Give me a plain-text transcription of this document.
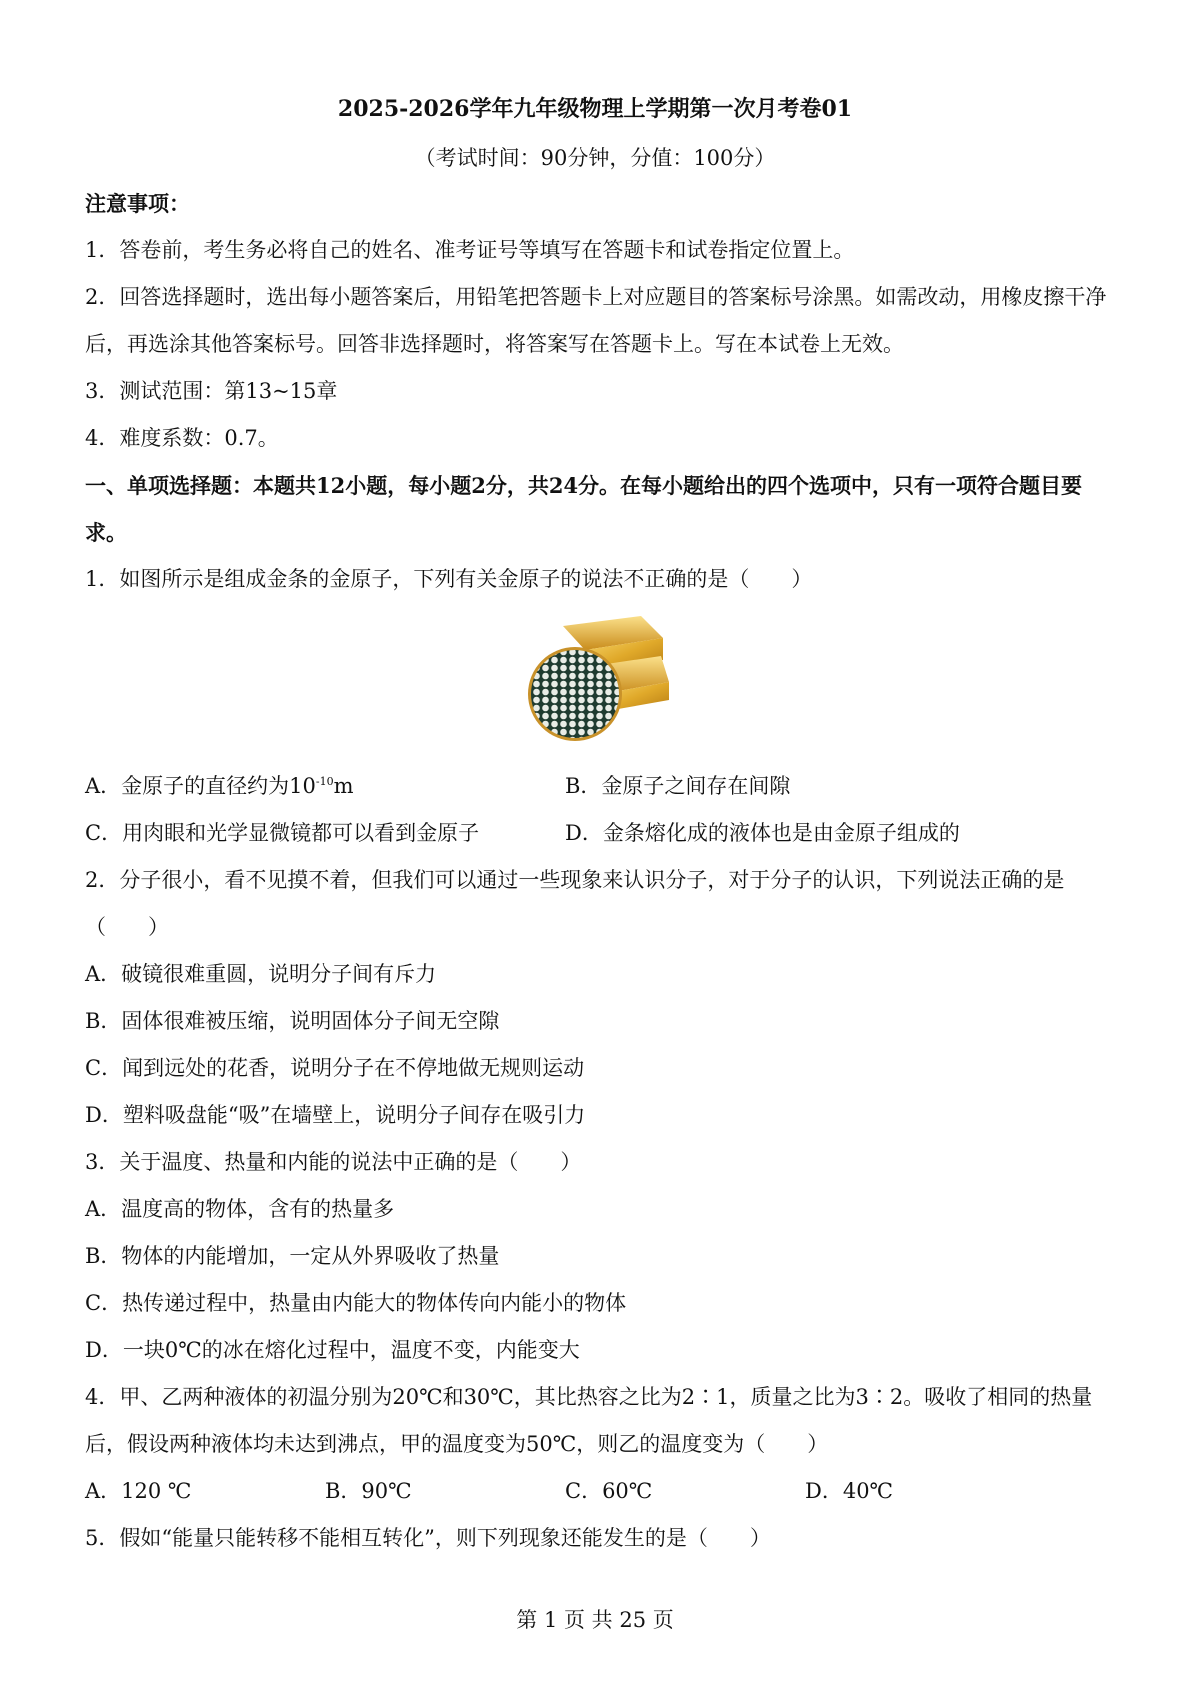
2025-2026学年九年级物理上学期第一次月考卷01
（考试时间：90分钟，分值：100分）
注意事项：
1．答卷前，考生务必将自己的姓名、准考证号等填写在答题卡和试卷指定位置上。
2．回答选择题时，选出每小题答案后，用铅笔把答题卡上对应题目的答案标号涂黑。如需改动，用橡皮擦干净后，再选涂其他答案标号。回答非选择题时，将答案写在答题卡上。写在本试卷上无效。
3．测试范围：第13~15章
4．难度系数：0.7。
一、单项选择题：本题共12小题，每小题2分，共24分。在每小题给出的四个选项中，只有一项符合题目要求。
1．如图所示是组成金条的金原子，下列有关金原子的说法不正确的是（　　）
A．金原子的直径约为$10^{-10}m$	B．金原子之间存在间隙
C．用肉眼和光学显微镜都可以看到金原子	D．金条熔化成的液体也是由金原子组成的
2．分子很小，看不见摸不着，但我们可以通过一些现象来认识分子，对于分子的认识，下列说法正确的是（　　）
A．破镜很难重圆，说明分子间有斥力
B．固体很难被压缩，说明固体分子间无空隙
C．闻到远处的花香，说明分子在不停地做无规则运动
D．塑料吸盘能“吸”在墙壁上，说明分子间存在吸引力
3．关于温度、热量和内能的说法中正确的是（　　）
A．温度高的物体，含有的热量多
B．物体的内能增加，一定从外界吸收了热量
C．热传递过程中，热量由内能大的物体传向内能小的物体
D．一块0℃的冰在熔化过程中，温度不变，内能变大
4．甲、乙两种液体的初温分别为20℃和30℃，其比热容之比为2∶1，质量之比为3∶2。吸收了相同的热量后，假设两种液体均未达到沸点，甲的温度变为50℃，则乙的温度变为（　　）
A．120 ℃	B．90℃	C．60℃	D．40℃
5．假如“能量只能转移不能相互转化”，则下列现象还能发生的是（　　）
第 1 页 共 25 页
